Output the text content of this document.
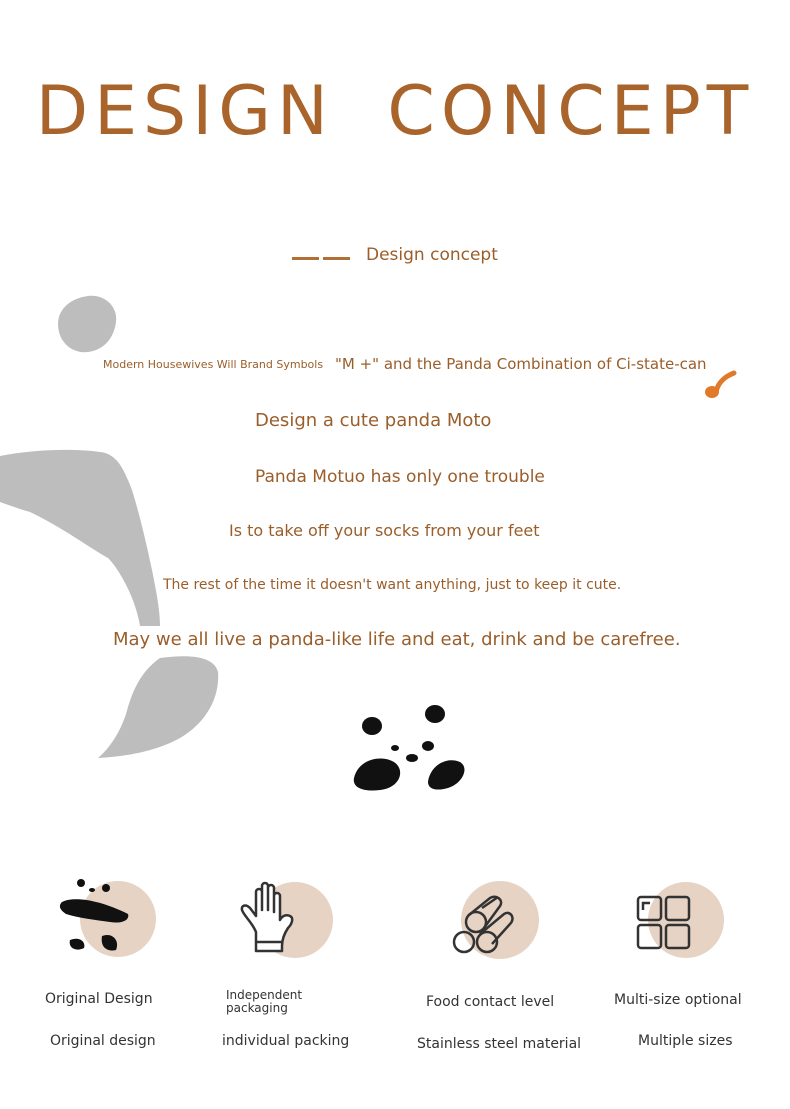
DESIGN CONCEPT
Design concept
Modern Housewives Will Brand Symbols "M +" and the Panda Combination of Ci-state-can
Design a cute panda Moto
Panda Motuo has only one trouble
Is to take off your socks from your feet
The rest of the time it doesn't want anything, just to keep it cute.
May we all live a panda-like life and eat, drink and be carefree.
Original Design
Original design
Independent packaging
individual packing
Food contact level
Stainless steel material
Multi-size optional
Multiple sizes
